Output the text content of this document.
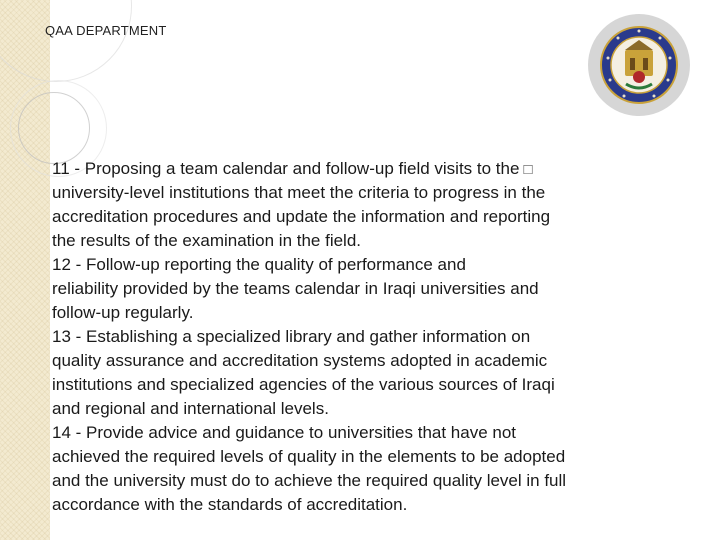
QAA DEPARTMENT
11 - Proposing a team calendar and follow-up field visits to the □
university-level institutions that meet the criteria to progress in the
accreditation procedures and update the information and reporting
the results of the examination in the field.
12 - Follow-up reporting the quality of performance and
reliability provided by the teams calendar in Iraqi universities and
follow-up regularly.
13 - Establishing a specialized library and gather information on
quality assurance and accreditation systems adopted in academic
institutions and specialized agencies of the various sources of Iraqi
and regional and international levels.
14 - Provide advice and guidance to universities that have not
achieved the required levels of quality in the elements to be adopted
and the university must do to achieve the required quality level in full
accordance with the standards of accreditation.
